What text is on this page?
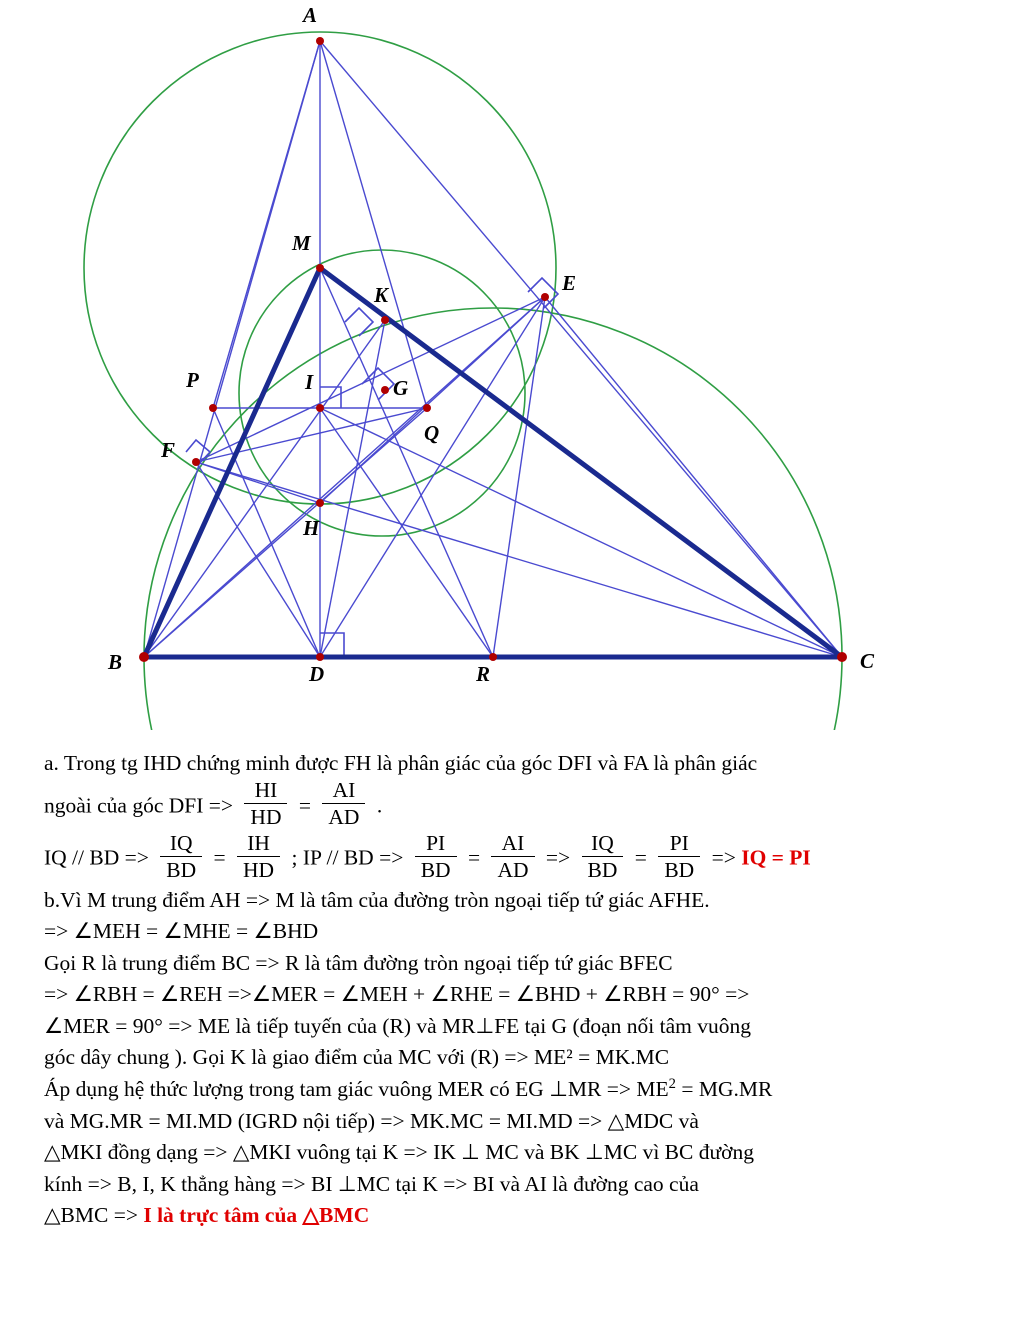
A
M
K	E
P	I	G
Q
F
H
B	D	R
C
a. Trong tg IHD chứng minh được FH là phân giác của góc DFI và FA là phân giác
ngoài của góc DFI => $\frac{HI}{HD} = \frac{AI}{AD}$ .
IQ // BD => $\frac{IQ}{BD} = \frac{IH}{HD}$ ; IP // BD => $\frac{PI}{BD} = \frac{AI}{AD} => \frac{IQ}{BD} = \frac{PI}{BD}$ => IQ = PI
b.Vì M trung điểm AH => M là tâm của đường tròn ngoại tiếp tứ giác AFHE.
=> ∠MEH = ∠MHE = ∠BHD
Gọi R là trung điểm BC => R là tâm đường tròn ngoại tiếp tứ giác BFEC
=> ∠RBH = ∠REH =>∠MER = ∠MEH + ∠RHE = ∠BHD + ∠RBH = 90° =>
∠MER = 90° => ME là tiếp tuyến của (R) và MR⊥FE tại G (đoạn nối tâm vuông
góc dây chung ). Gọi K là giao điểm của MC với (R) => ME² = MK.MC
Áp dụng hệ thức lượng trong tam giác vuông MER có EG ⊥MR => $ME^2 = MG.MR$
và MG.MR = MI.MD (IGRD nội tiếp) => MK.MC = MI.MD => △MDC và
△MKI đồng dạng => △MKI vuông tại K => IK ⊥ MC và BK ⊥MC vì BC đường
kính => B, I, K thẳng hàng => BI ⊥MC tại K => BI và AI là đường cao của
△BMC => I là trực tâm của △BMC
